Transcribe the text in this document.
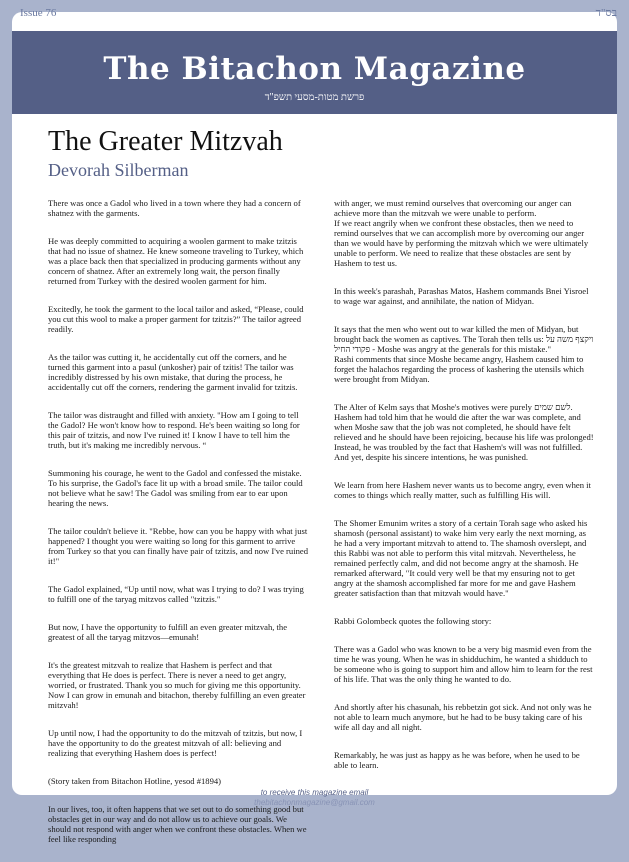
Issue 76	בס"ד
The Bitachon Magazine
פרשת מטות-מסעי תשפ"ד
The Greater Mitzvah
Devorah Silberman

There was once a Gadol who lived in a town where they had a concern of shatnez with the garments.

He was deeply committed to acquiring a woolen garment to make tzitzis that had no issue of shatnez. He knew someone traveling to Turkey, which was a place back then that specialized in producing garments without any concern of shatnez. After an extremely long wait, the person finally returned from Turkey with the desired woolen garment for him.

Excitedly, he took the garment to the local tailor and asked, “Please, could you cut this wool to make a proper garment for tzitzis?” The tailor agreed readily.

As the tailor was cutting it, he accidentally cut off the corners, and he turned this garment into a pasul (unkosher) pair of tzitis! The tailor was incredibly distressed by his own mistake, that during the process, he accidentally cut off the corners, rendering the garment invalid for tzitzis.

The tailor was distraught and filled with anxiety. "How am I going to tell the Gadol? He won't know how to respond. He's been waiting so long for this pair of tzitzis, and now I've ruined it! I know I have to tell him the truth, but it's making me incredibly nervous. “

Summoning his courage, he went to the Gadol and confessed the mistake. To his surprise, the Gadol's face lit up with a broad smile. The tailor could not believe what he saw! The Gadol was smiling from ear to ear upon hearing the news.

The tailor couldn't believe it. "Rebbe, how can you be happy with what just happened? I thought you were waiting so long for this garment to arrive from Turkey so that you can finally have pair of tzitzis, and now I've ruined it!"

The Gadol explained, “Up until now, what was I trying to do? I was trying to fulfill one of the taryag mitzvos called "tzitzis."

But now, I have the opportunity to fulfill an even greater mitzvah, the greatest of all the taryag mitzvos—emunah!

It's the greatest mitzvah to realize that Hashem is perfect and that everything that He does is perfect. There is never a need to get angry, worried, or frustrated. Thank you so much for giving me this opportunity. Now I can grow in emunah and bitachon, thereby fulfilling an even greater mitzvah!

Up until now, I had the opportunity to do the mitzvah of tzitzis, but now, I have the opportunity to do the greatest mitzvah of all: believing and realizing that everything Hashem does is perfect!

(Story taken from Bitachon Hotline, yesod #1894)

In our lives, too, it often happens that we set out to do something good but obstacles get in our way and do not allow us to achieve our goals. We should not respond with anger when we confront these obstacles. When we feel like responding

with anger, we must remind ourselves that overcoming our anger can achieve more than the mitzvah we were unable to perform.
If we react angrily when we confront these obstacles, then we need to remind ourselves that we can accomplish more by overcoming our anger than we would have by performing the mitzvah which we were ultimately unable to perform. We need to realize that these obstacles are sent by Hashem to test us.

In this week's parashah, Parashas Matos, Hashem commands Bnei Yisroel to wage war against, and annihilate, the nation of Midyan.

It says that the men who went out to war killed the men of Midyan, but brought back the women as captives. The Torah then tells us: ויקצף משה על פקודי החיל - Moshe was angry at the generals for this mistake."
Rashi comments that since Moshe became angry, Hashem caused him to forget the halachos regarding the process of kashering the utensils which were brought from Midyan.

The Alter of Kelm says that Moshe's motives were purely לשם שמים. Hashem had told him that he would die after the war was complete, and when Moshe saw that the job was not completed, he should have felt relieved and he should have been rejoicing, because his life was prolonged! Instead, he was troubled by the fact that Hashem's will was not fulfilled. And yet, despite his sincere intentions, he was punished.

We learn from here Hashem never wants us to become angry, even when it comes to things which really matter, such as fulfilling His will.

The Shomer Emunim writes a story of a certain Torah sage who asked his shamosh (personal assistant) to wake him very early the next morning, as he had a very important mitzvah to attend to. The shamosh overslept, and this Rabbi was not able to perform this vital mitzvah. Nevertheless, he remained perfectly calm, and did not become angry at the shamosh. He remarked afterward, "It could very well be that my ensuring not to get angry at the shamosh accomplished far more for me and gave Hashem greater satisfaction than that mitzvah would have."

Rabbi Golombeck quotes the following story:

There was a Gadol who was known to be a very big masmid even from the time he was young. When he was in shidduchim, he wanted a shidduch to be someone who is going to support him and allow him to learn for the rest of his life. That was the only thing he wanted to do.

And shortly after his chasunah, his rebbetzin got sick. And not only was he not able to learn much anymore, but he had to be busy taking care of his wife all day and all night.

Remarkably, he was just as happy as he was before, when he used to be able to learn.

to receive this magazine email
thebitachonmagazine@gmail.com
